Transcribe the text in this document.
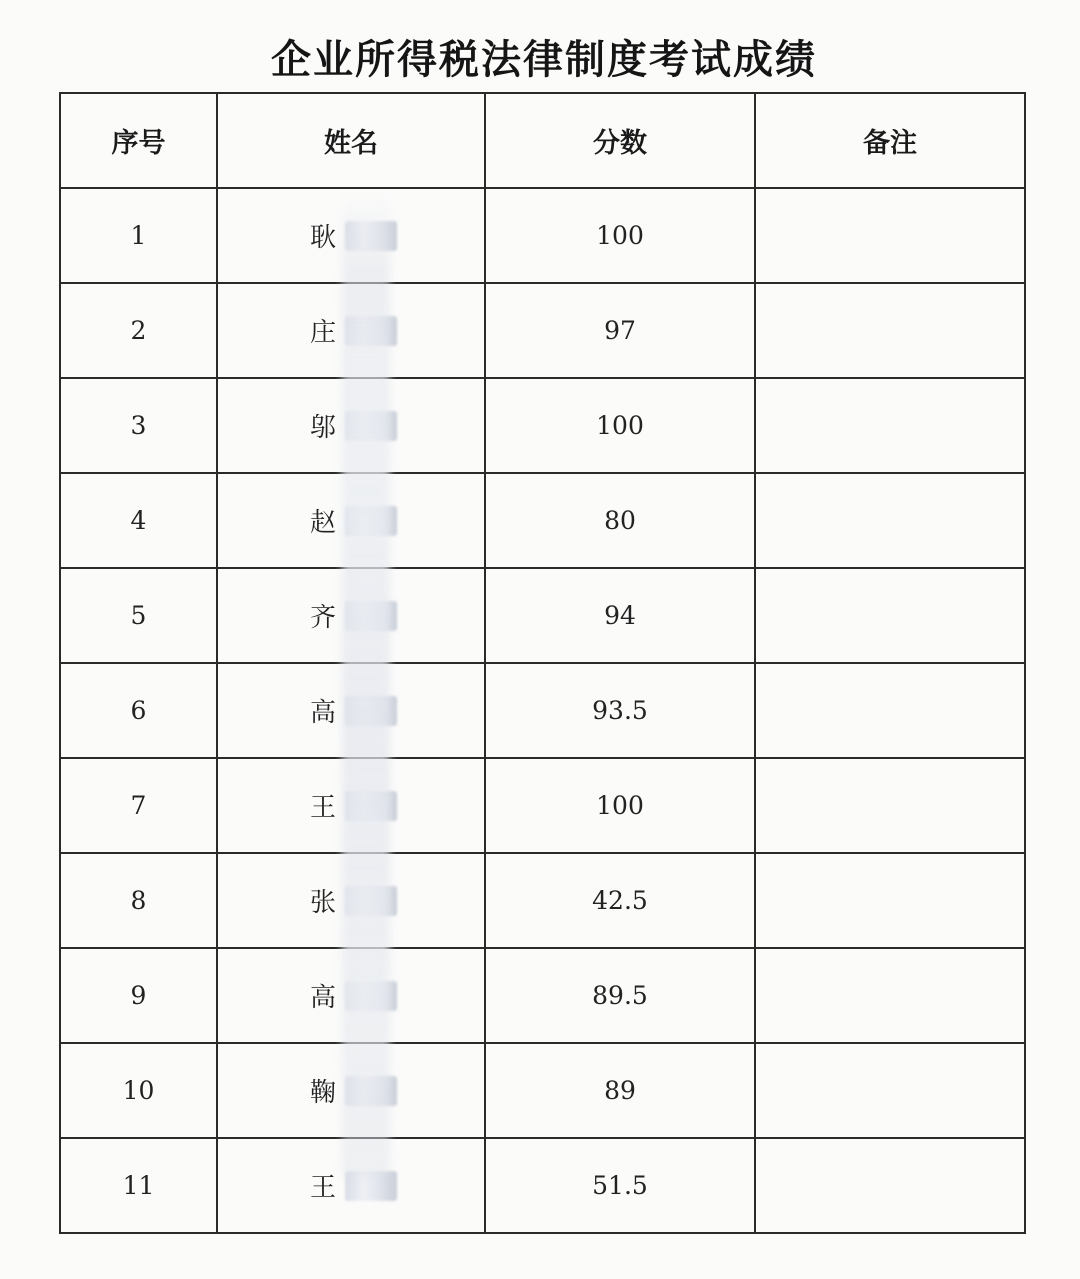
企业所得税法律制度考试成绩
序号	姓名	分数	备注
1	耿	100	
2	庄	97	
3	邬	100	
4	赵	80	
5	齐	94	
6	高	93.5	
7	王	100	
8	张	42.5	
9	高	89.5	
10	鞠	89	
11	王	51.5	
